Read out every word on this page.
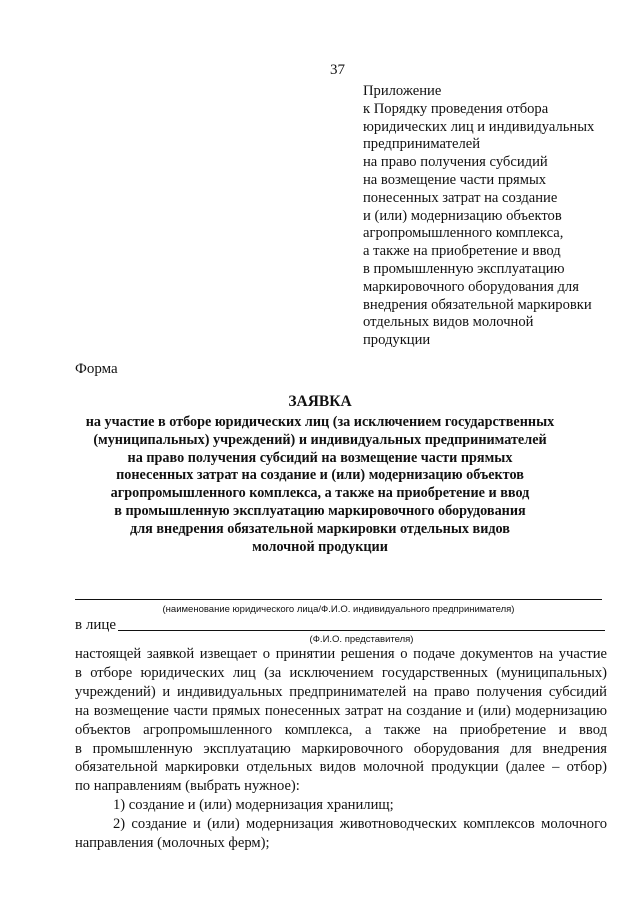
37
Приложение
к Порядку проведения отбора
юридических лиц и индивидуальных
предпринимателей
на право получения субсидий
на возмещение части прямых
понесенных затрат на создание
и (или) модернизацию объектов
агропромышленного комплекса,
а также на приобретение и ввод
в промышленную эксплуатацию
маркировочного оборудования для
внедрения обязательной маркировки
отдельных видов молочной
продукции
Форма
ЗАЯВКА
на участие в отборе юридических лиц (за исключением государственных
(муниципальных) учреждений) и индивидуальных предпринимателей
на право получения субсидий на возмещение части прямых
понесенных затрат на создание и (или) модернизацию объектов
агропромышленного комплекса, а также на приобретение и ввод
в промышленную эксплуатацию маркировочного оборудования
для внедрения обязательной маркировки отдельных видов
молочной продукции
(наименование юридического лица/Ф.И.О. индивидуального предпринимателя)
в лице
(Ф.И.О. представителя)
настоящей заявкой извещает о принятии решения о подаче документов на участие
в отборе юридических лиц (за исключением государственных (муниципальных)
учреждений) и индивидуальных предпринимателей на право получения субсидий
на возмещение части прямых понесенных затрат на создание и (или) модернизацию
объектов агропромышленного комплекса, а также на приобретение и ввод
в промышленную эксплуатацию маркировочного оборудования для внедрения
обязательной маркировки отдельных видов молочной продукции (далее – отбор)
по направлениям (выбрать нужное):
1) создание и (или) модернизация хранилищ;
2) создание и (или) модернизация животноводческих комплексов молочного
направления (молочных ферм);
